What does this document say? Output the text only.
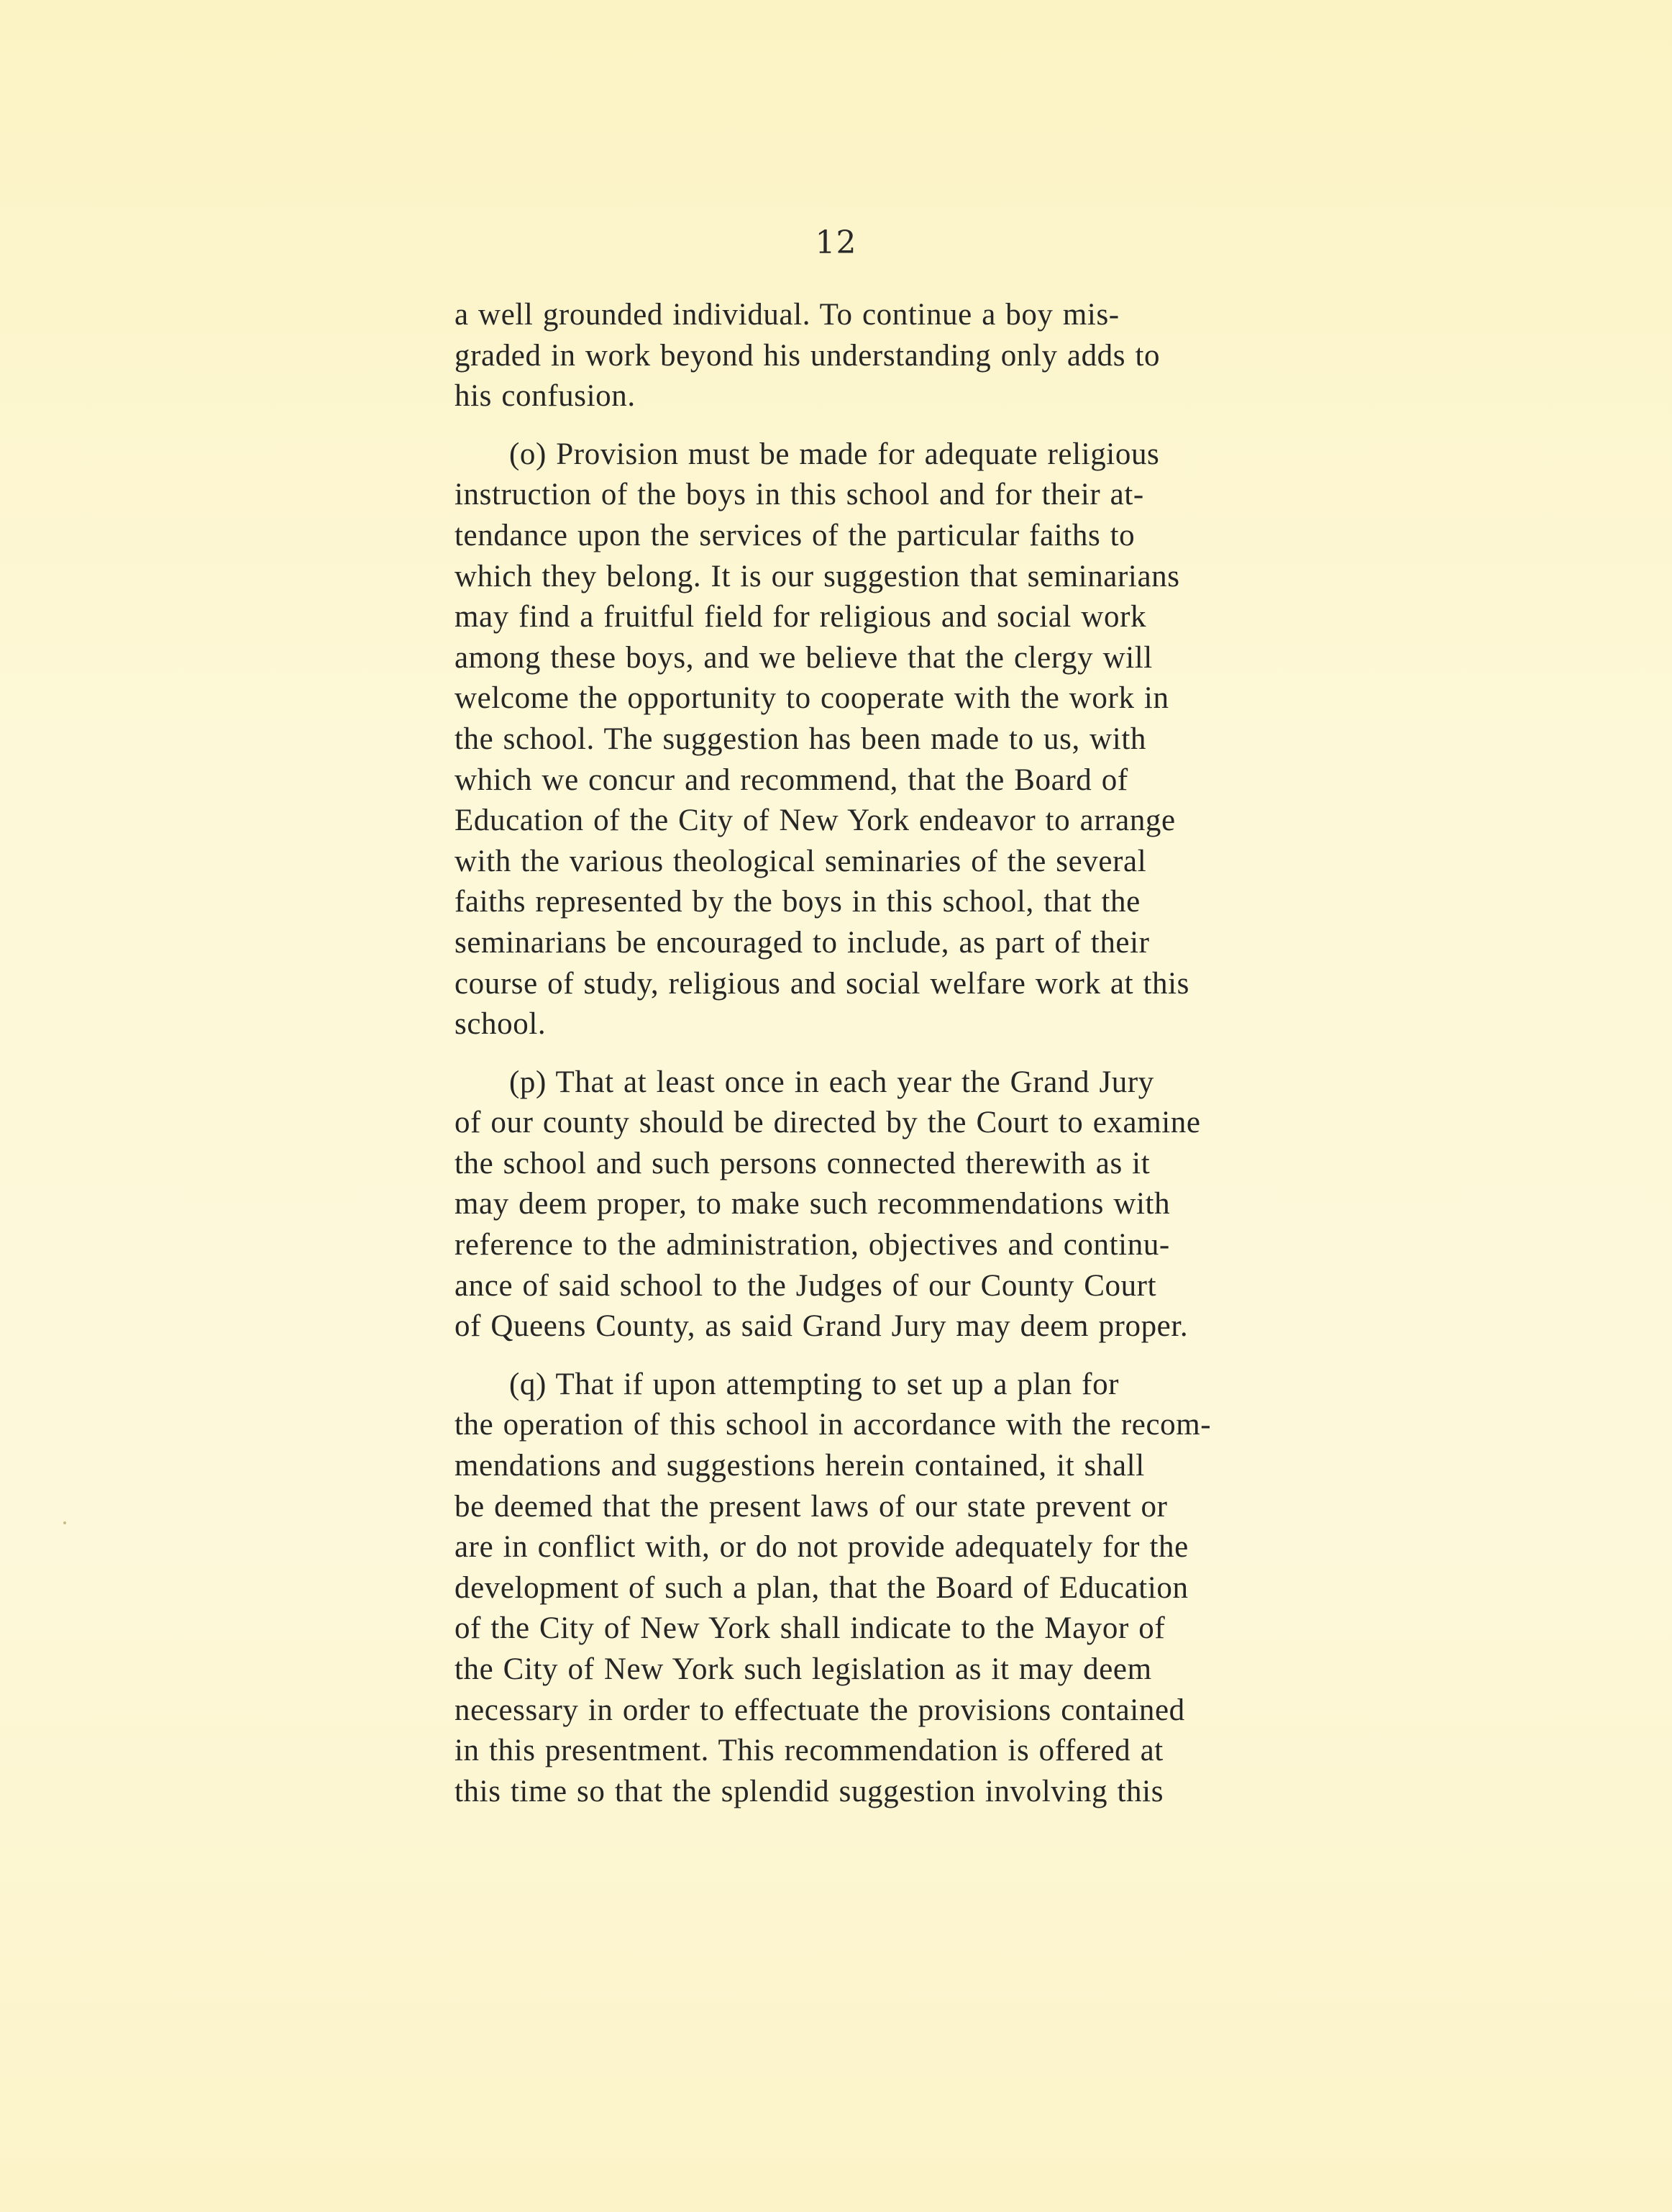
12

a well grounded individual. To continue a boy mis-
graded in work beyond his understanding only adds to
his confusion.

(o) Provision must be made for adequate religious
instruction of the boys in this school and for their at-
tendance upon the services of the particular faiths to
which they belong. It is our suggestion that seminarians
may find a fruitful field for religious and social work
among these boys, and we believe that the clergy will
welcome the opportunity to cooperate with the work in
the school. The suggestion has been made to us, with
which we concur and recommend, that the Board of
Education of the City of New York endeavor to arrange
with the various theological seminaries of the several
faiths represented by the boys in this school, that the
seminarians be encouraged to include, as part of their
course of study, religious and social welfare work at this
school.

(p) That at least once in each year the Grand Jury
of our county should be directed by the Court to examine
the school and such persons connected therewith as it
may deem proper, to make such recommendations with
reference to the administration, objectives and continu-
ance of said school to the Judges of our County Court
of Queens County, as said Grand Jury may deem proper.

(q) That if upon attempting to set up a plan for
the operation of this school in accordance with the recom-
mendations and suggestions herein contained, it shall
be deemed that the present laws of our state prevent or
are in conflict with, or do not provide adequately for the
development of such a plan, that the Board of Education
of the City of New York shall indicate to the Mayor of
the City of New York such legislation as it may deem
necessary in order to effectuate the provisions contained
in this presentment. This recommendation is offered at
this time so that the splendid suggestion involving this
